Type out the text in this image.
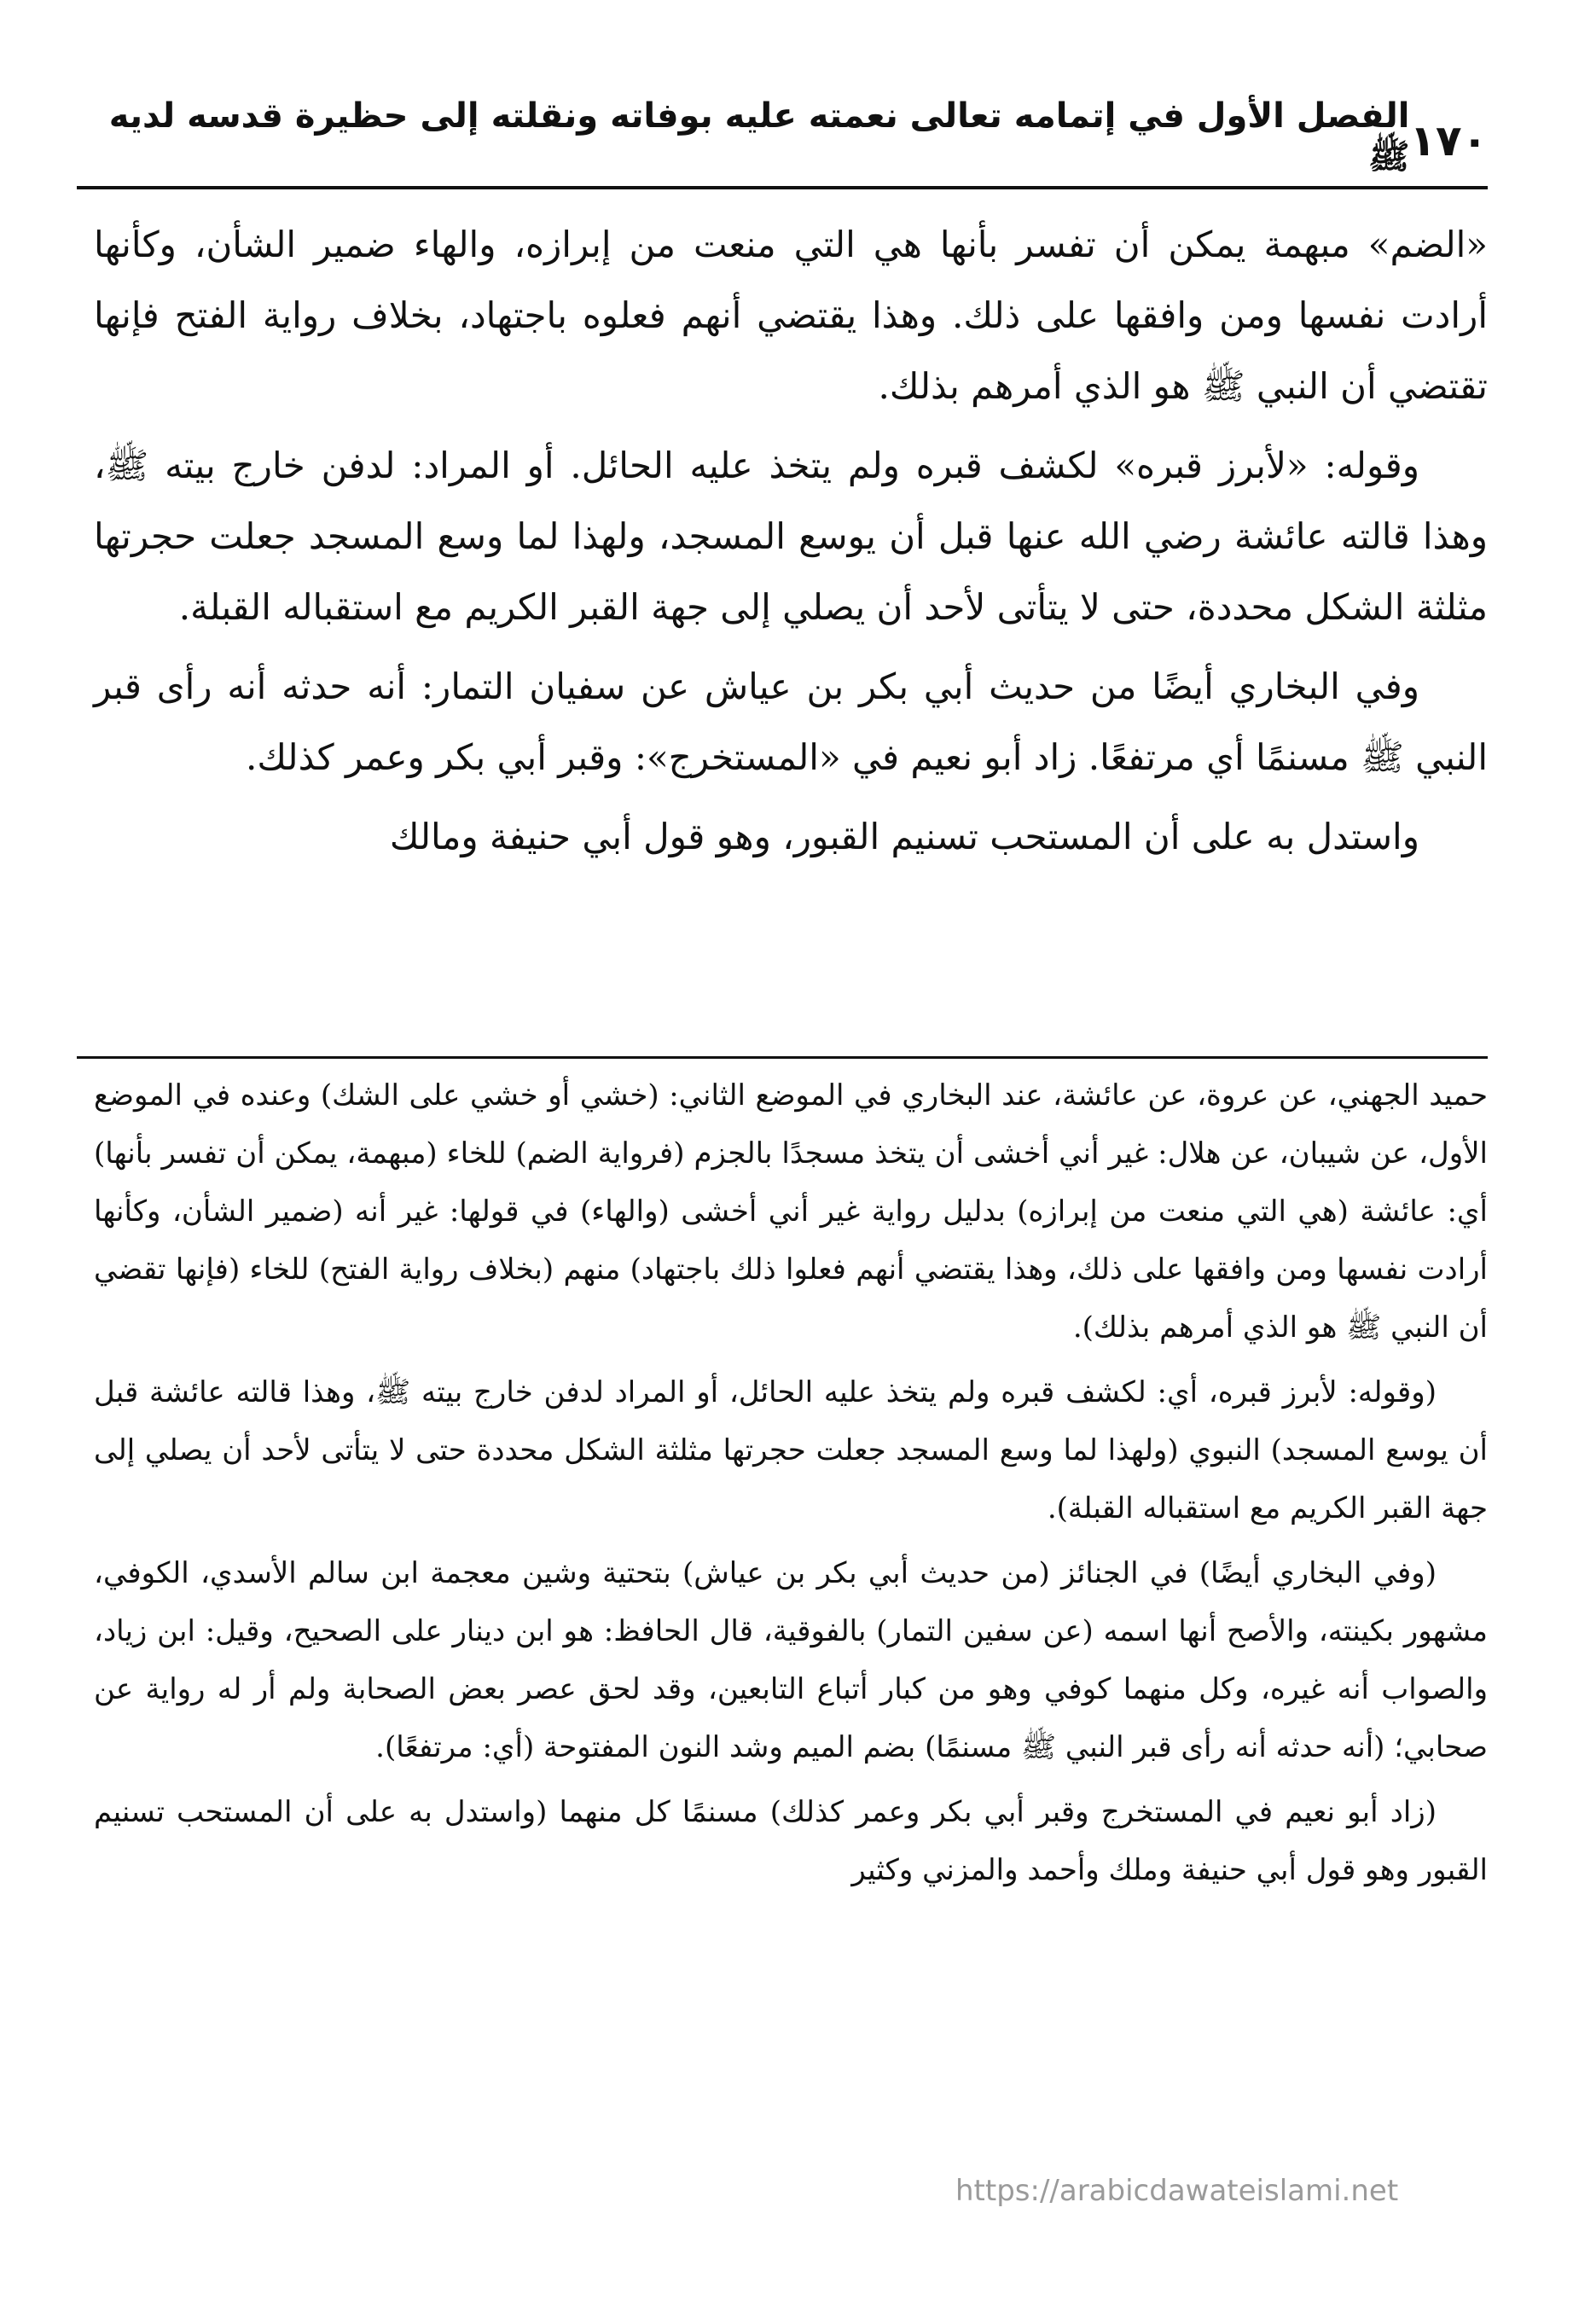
١٧٠
الفصل الأول في إتمامه تعالى نعمته عليه بوفاته ونقلته إلى حظيرة قدسه لديه ﷺ

«الضم» مبهمة يمكن أن تفسر بأنها هي التي منعت من إبرازه، والهاء ضمير الشأن، وكأنها أرادت نفسها ومن وافقها على ذلك. وهذا يقتضي أنهم فعلوه باجتهاد، بخلاف رواية الفتح فإنها تقتضي أن النبي ﷺ هو الذي أمرهم بذلك.

وقوله: «لأبرز قبره» لكشف قبره ولم يتخذ عليه الحائل. أو المراد: لدفن خارج بيته ﷺ، وهذا قالته عائشة رضي الله عنها قبل أن يوسع المسجد، ولهذا لما وسع المسجد جعلت حجرتها مثلثة الشكل محددة، حتى لا يتأتى لأحد أن يصلي إلى جهة القبر الكريم مع استقباله القبلة.

وفي البخاري أيضًا من حديث أبي بكر بن عياش عن سفيان التمار: أنه حدثه أنه رأى قبر النبي ﷺ مسنمًا أي مرتفعًا. زاد أبو نعيم في «المستخرج»: وقبر أبي بكر وعمر كذلك.

واستدل به على أن المستحب تسنيم القبور، وهو قول أبي حنيفة ومالك

حميد الجهني، عن عروة، عن عائشة، عند البخاري في الموضع الثاني: (خشي أو خشي على الشك) وعنده في الموضع الأول، عن شيبان، عن هلال: غير أني أخشى أن يتخذ مسجدًا بالجزم (فرواية الضم) للخاء (مبهمة، يمكن أن تفسر بأنها) أي: عائشة (هي التي منعت من إبرازه) بدليل رواية غير أني أخشى (والهاء) في قولها: غير أنه (ضمير الشأن، وكأنها أرادت نفسها ومن وافقها على ذلك، وهذا يقتضي أنهم فعلوا ذلك باجتهاد) منهم (بخلاف رواية الفتح) للخاء (فإنها تقضي أن النبي ﷺ هو الذي أمرهم بذلك).

(وقوله: لأبرز قبره، أي: لكشف قبره ولم يتخذ عليه الحائل، أو المراد لدفن خارج بيته ﷺ، وهذا قالته عائشة قبل أن يوسع المسجد) النبوي (ولهذا لما وسع المسجد جعلت حجرتها مثلثة الشكل محددة حتى لا يتأتى لأحد أن يصلي إلى جهة القبر الكريم مع استقباله القبلة).

(وفي البخاري أيضًا) في الجنائز (من حديث أبي بكر بن عياش) بتحتية وشين معجمة ابن سالم الأسدي، الكوفي، مشهور بكينته، والأصح أنها اسمه (عن سفين التمار) بالفوقية، قال الحافظ: هو ابن دينار على الصحيح، وقيل: ابن زياد، والصواب أنه غيره، وكل منهما كوفي وهو من كبار أتباع التابعين، وقد لحق عصر بعض الصحابة ولم أر له رواية عن صحابي؛ (أنه حدثه أنه رأى قبر النبي ﷺ مسنمًا) بضم الميم وشد النون المفتوحة (أي: مرتفعًا).

(زاد أبو نعيم في المستخرج وقبر أبي بكر وعمر كذلك) مسنمًا كل منهما (واستدل به على أن المستحب تسنيم القبور وهو قول أبي حنيفة وملك وأحمد والمزني وكثير

https://arabicdawateislami.net
